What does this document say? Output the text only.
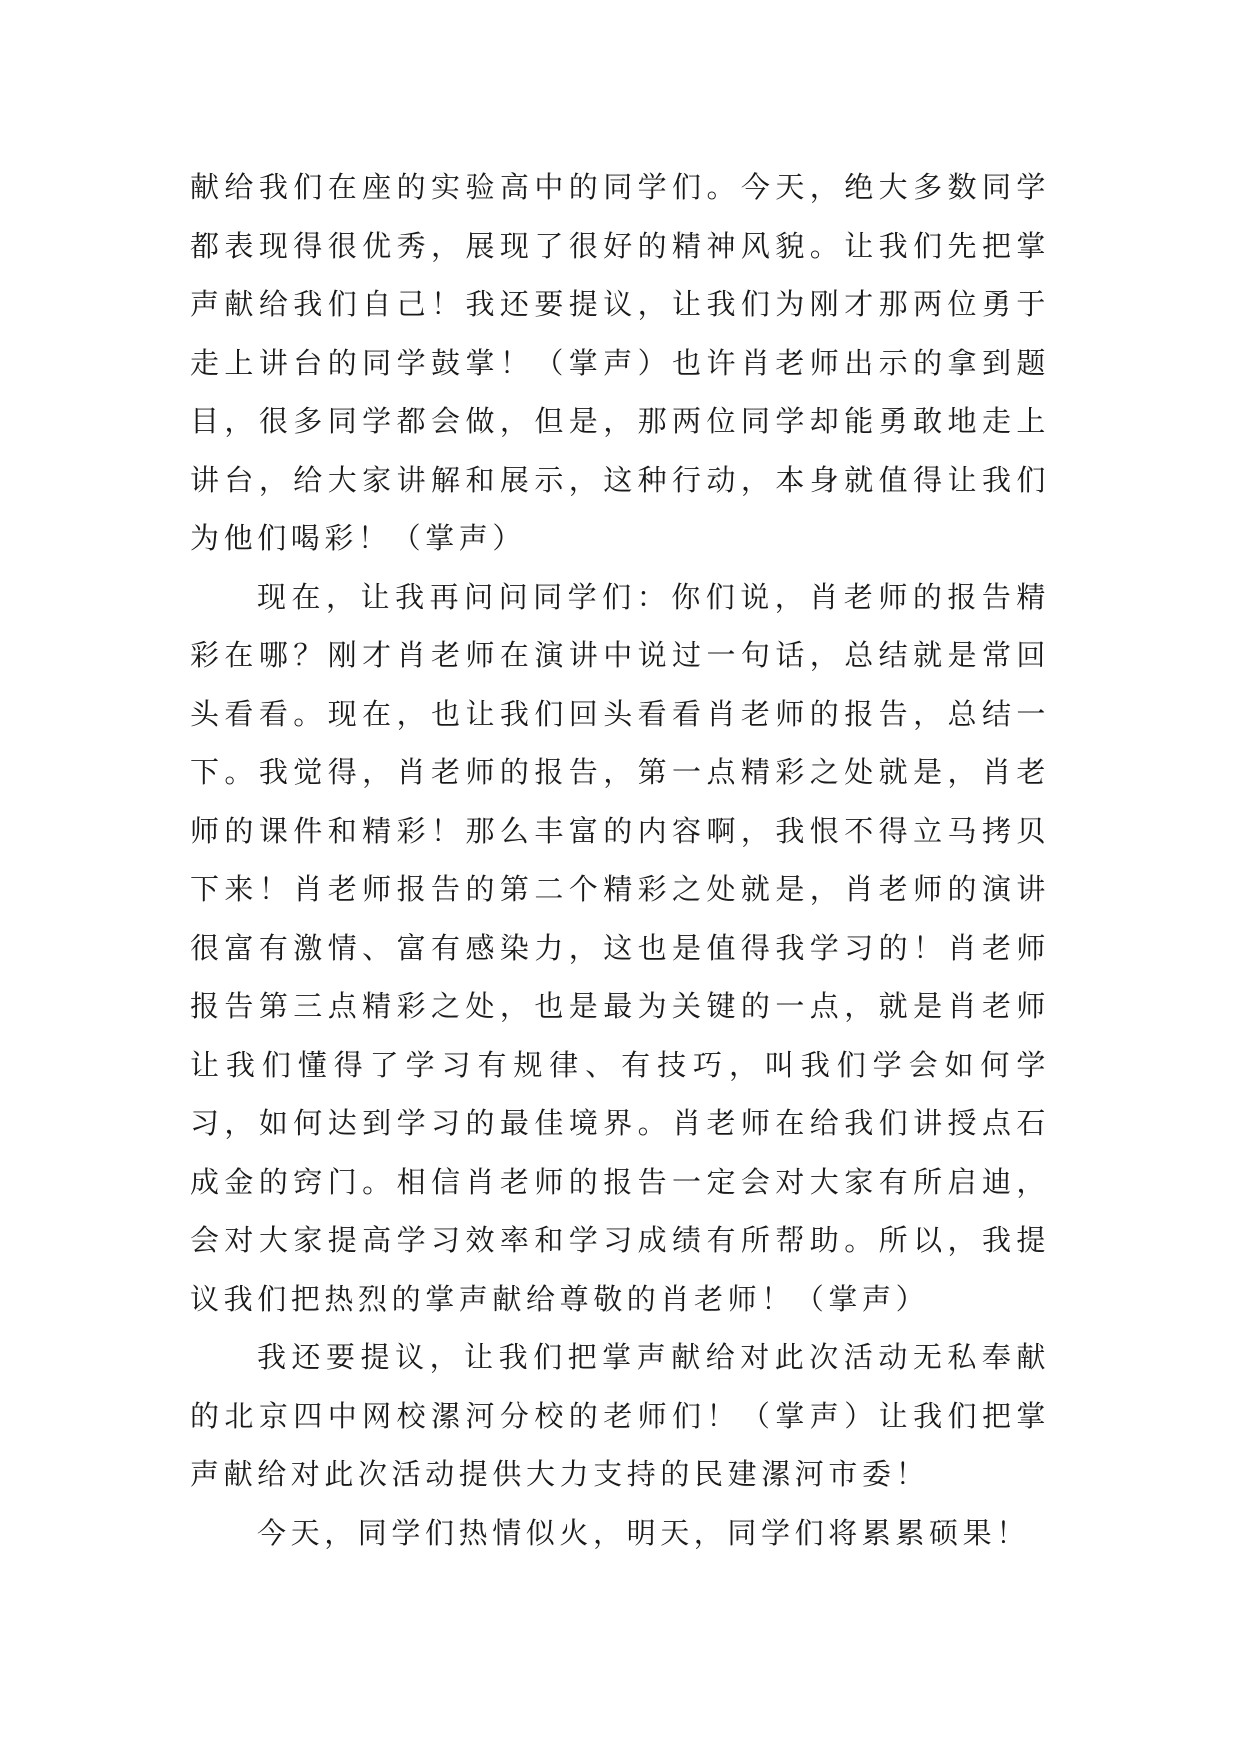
献给我们在座的实验高中的同学们。今天，绝大多数同学都表现得很优秀，展现了很好的精神风貌。让我们先把掌声献给我们自己！我还要提议，让我们为刚才那两位勇于走上讲台的同学鼓掌！（掌声）也许肖老师出示的拿到题目，很多同学都会做，但是，那两位同学却能勇敢地走上讲台，给大家讲解和展示，这种行动，本身就值得让我们为他们喝彩！（掌声）

现在，让我再问问同学们：你们说，肖老师的报告精彩在哪？刚才肖老师在演讲中说过一句话，总结就是常回头看看。现在，也让我们回头看看肖老师的报告，总结一下。我觉得，肖老师的报告，第一点精彩之处就是，肖老师的课件和精彩！那么丰富的内容啊，我恨不得立马拷贝下来！肖老师报告的第二个精彩之处就是，肖老师的演讲很富有激情、富有感染力，这也是值得我学习的！肖老师报告第三点精彩之处，也是最为关键的一点，就是肖老师让我们懂得了学习有规律、有技巧，叫我们学会如何学习，如何达到学习的最佳境界。肖老师在给我们讲授点石成金的窍门。相信肖老师的报告一定会对大家有所启迪，会对大家提高学习效率和学习成绩有所帮助。所以，我提议我们把热烈的掌声献给尊敬的肖老师！（掌声）

我还要提议，让我们把掌声献给对此次活动无私奉献的北京四中网校漯河分校的老师们！（掌声）让我们把掌声献给对此次活动提供大力支持的民建漯河市委！

今天，同学们热情似火，明天，同学们将累累硕果！
